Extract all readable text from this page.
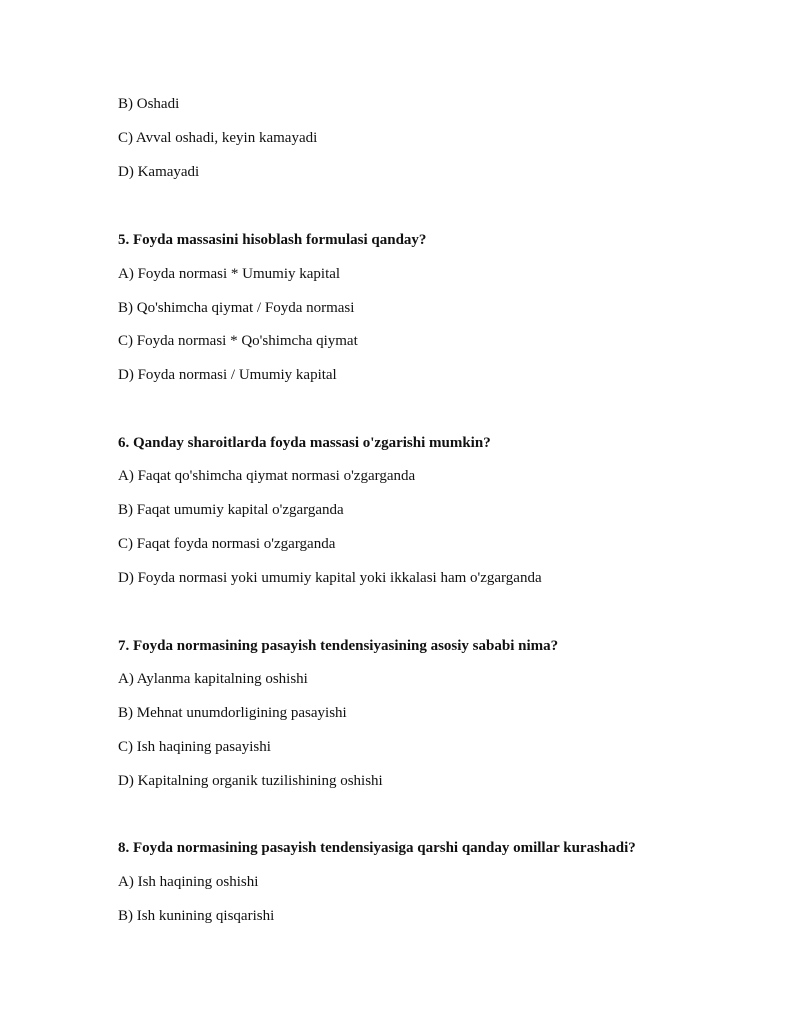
B) Oshadi
C) Avval oshadi, keyin kamayadi
D) Kamayadi
5. Foyda massasini hisoblash formulasi qanday?
A) Foyda normasi * Umumiy kapital
B) Qo'shimcha qiymat / Foyda normasi
C) Foyda normasi * Qo'shimcha qiymat
D) Foyda normasi / Umumiy kapital
6. Qanday sharoitlarda foyda massasi o'zgarishi mumkin?
A) Faqat qo'shimcha qiymat normasi o'zgarganda
B) Faqat umumiy kapital o'zgarganda
C) Faqat foyda normasi o'zgarganda
D) Foyda normasi yoki umumiy kapital yoki ikkalasi ham o'zgarganda
7. Foyda normasining pasayish tendensiyasining asosiy sababi nima?
A) Aylanma kapitalning oshishi
B) Mehnat unumdorligining pasayishi
C) Ish haqining pasayishi
D) Kapitalning organik tuzilishining oshishi
8. Foyda normasining pasayish tendensiyasiga qarshi qanday omillar kurashadi?
A) Ish haqining oshishi
B) Ish kunining qisqarishi
